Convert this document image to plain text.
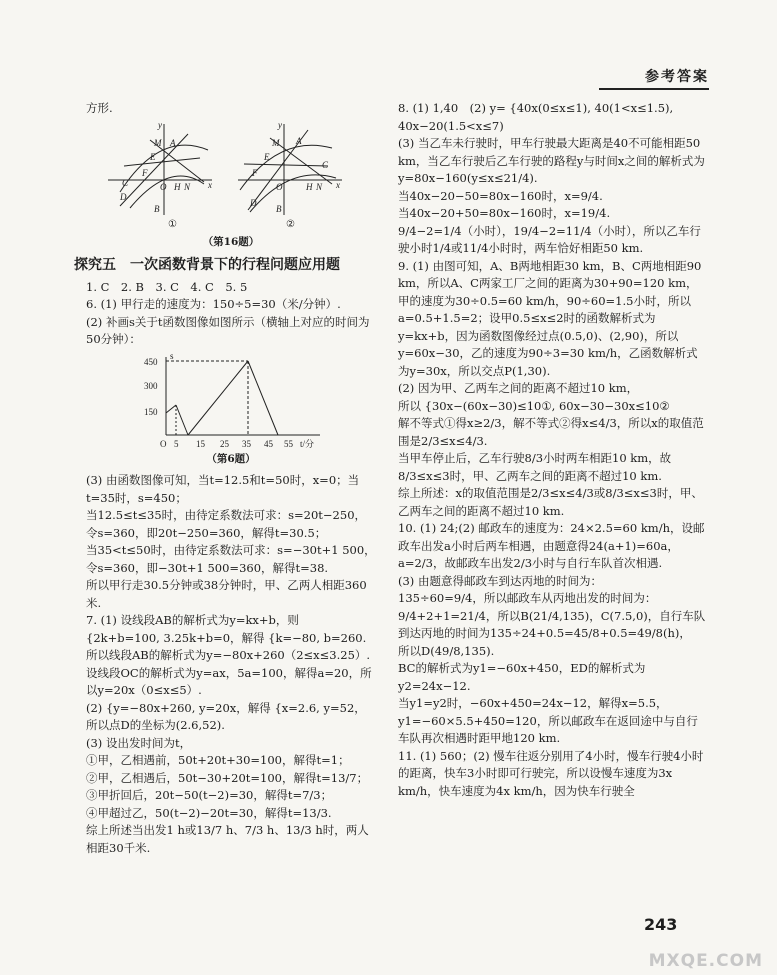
参考答案

方形.

y
M A
E
F
C	O H N x
D
B
y
M A
E
F
O	H N x
C
D
B
①	②
（第16题）
探究五　一次函数背景下的行程问题应用题

1. C　2. B　3. C　4. C　5. 5

6. (1) 甲行走的速度为：150÷5=30（米/分钟）.

(2) 补画s关于t函数图像如图所示（横轴上对应的时间为50分钟）：

450
300
150
O 5 15 25 35 45 55 t/分
s
（第6题）

(3) 由函数图像可知，当t=12.5和t=50时，x=0；当t=35时，s=450；

当12.5≤t≤35时，由待定系数法可求：s=20t−250，令s=360，即20t−250=360，解得t=30.5；

当35<t≤50时，由待定系数法可求：s=−30t+1 500，令s=360，即−30t+1 500=360，解得t=38.

所以甲行走30.5分钟或38分钟时，甲、乙两人相距360米.

7. (1) 设线段AB的解析式为y=kx+b，则 {2k+b=100, 3.25k+b=0，解得 {k=−80, b=260.

所以线段AB的解析式为y=−80x+260（2≤x≤3.25）.

设线段OC的解析式为y=ax，5a=100，解得a=20，所以y=20x（0≤x≤5）.

(2) {y=−80x+260, y=20x，解得 {x=2.6, y=52，所以点D的坐标为(2.6,52).

(3) 设出发时间为t，

①甲，乙相遇前，50t+20t+30=100，解得t=1；

②甲，乙相遇后，50t−30+20t=100，解得t=13/7；

③甲折回后，20t−50(t−2)=30，解得t=7/3；

④甲超过乙，50(t−2)−20t=30，解得t=13/3.

综上所述当出发1 h或13/7 h、7/3 h、13/3 h时，两人相距30千米.

8. (1) 1,40　(2) y= {40x(0≤x≤1), 40(1<x≤1.5), 40x−20(1.5<x≤7)

(3) 当乙车未行驶时，甲车行驶最大距离是40不可能相距50 km，当乙车行驶后乙车行驶的路程y与时间x之间的解析式为y=80x−160(y≤x≤21/4).

当40x−20−50=80x−160时，x=9/4.

当40x−20+50=80x−160时，x=19/4.

9/4−2=1/4（小时），19/4−2=11/4（小时），所以乙车行驶小时1/4或11/4小时时，两车恰好相距50 km.

9. (1) 由图可知，A、B两地相距30 km，B、C两地相距90 km，所以A、C两家工厂之间的距离为30+90=120 km，甲的速度为30÷0.5=60 km/h，90÷60=1.5小时，所以a=0.5+1.5=2；设甲0.5≤x≤2时的函数解析式为y=kx+b，因为函数图像经过点(0.5,0)、(2,90)，所以y=60x−30，乙的速度为90÷3=30 km/h，乙函数解析式为y=30x，所以交点P(1,30).

(2) 因为甲、乙两车之间的距离不超过10 km，

所以 {30x−(60x−30)≤10①, 60x−30−30x≤10②

解不等式①得x≥2/3，解不等式②得x≤4/3，所以x的取值范围是2/3≤x≤4/3.

当甲车停止后，乙车行驶8/3小时两车相距10 km，故8/3≤x≤3时，甲、乙两车之间的距离不超过10 km.

综上所述：x的取值范围是2/3≤x≤4/3或8/3≤x≤3时，甲、乙两车之间的距离不超过10 km.

10. (1) 24;(2) 邮政车的速度为：24×2.5=60 km/h，设邮政车出发a小时后两车相遇，由题意得24(a+1)=60a，a=2/3，故邮政车出发2/3小时与自行车队首次相遇.

(3) 由题意得邮政车到达丙地的时间为：

135÷60=9/4，所以邮政车从丙地出发的时间为：9/4+2+1=21/4，所以B(21/4,135)，C(7.5,0)，自行车队到达丙地的时间为135÷24+0.5=45/8+0.5=49/8(h)，

所以D(49/8,135).

BC的解析式为y1=−60x+450，ED的解析式为y2=24x−12.

当y1=y2时，−60x+450=24x−12，解得x=5.5，y1=−60×5.5+450=120，所以邮政车在返回途中与自行车队再次相遇时距甲地120 km.

11. (1) 560；(2) 慢车往返分别用了4小时，慢车行驶4小时的距离，快车3小时即可行驶完，所以设慢车速度为3x km/h，快车速度为4x km/h，因为快车行驶全

243
MXQE.COM
